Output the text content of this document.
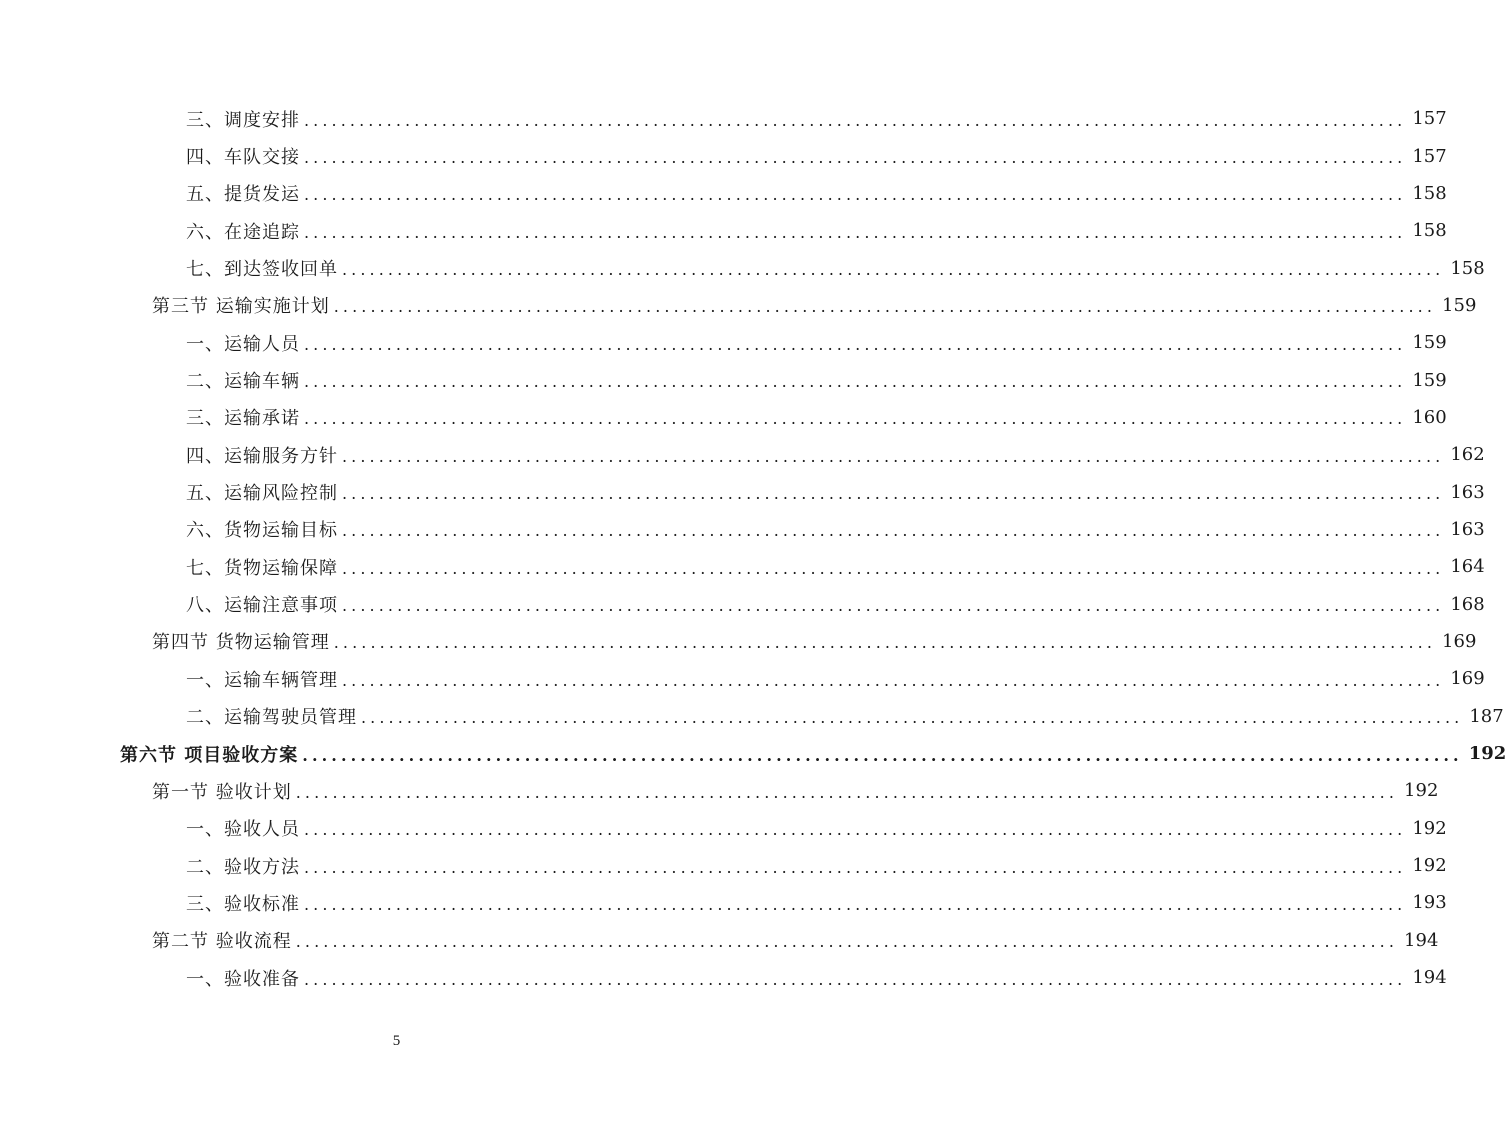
三、调度安排 ........................................................................................................................ 157
四、车队交接 ........................................................................................................................ 157
五、提货发运 ........................................................................................................................ 158
六、在途追踪 ........................................................................................................................ 158
七、到达签收回单 ........................................................................................................................ 158
第三节 运输实施计划 ........................................................................................................................ 159
一、运输人员 ........................................................................................................................ 159
二、运输车辆 ........................................................................................................................ 159
三、运输承诺 ........................................................................................................................ 160
四、运输服务方针 ........................................................................................................................ 162
五、运输风险控制 ........................................................................................................................ 163
六、货物运输目标 ........................................................................................................................ 163
七、货物运输保障 ........................................................................................................................ 164
八、运输注意事项 ........................................................................................................................ 168
第四节 货物运输管理 ........................................................................................................................ 169
一、运输车辆管理 ........................................................................................................................ 169
二、运输驾驶员管理 ........................................................................................................................ 187
第六节 项目验收方案 ........................................................................................................................ 192
第一节 验收计划 ........................................................................................................................ 192
一、验收人员 ........................................................................................................................ 192
二、验收方法 ........................................................................................................................ 192
三、验收标准 ........................................................................................................................ 193
第二节 验收流程 ........................................................................................................................ 194
一、验收准备 ........................................................................................................................ 194
5
